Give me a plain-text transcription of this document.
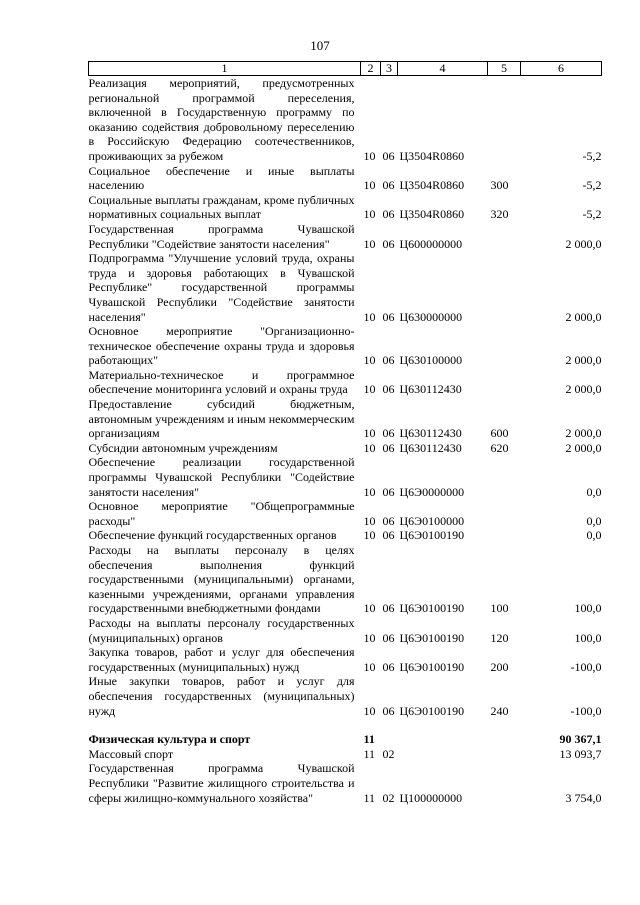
107
1	2	3	4	5	6
Реализация мероприятий, предусмотренных региональной программой переселения, включенной в Государственную программу по оказанию содействия добровольному переселению в Российскую Федерацию соотечественников, проживающих за рубежом	10	06	Ц3504R0860		-5,2
Социальное обеспечение и иные выплаты населению	10	06	Ц3504R0860	300	-5,2
Социальные выплаты гражданам, кроме публичных нормативных социальных выплат	10	06	Ц3504R0860	320	-5,2
Государственная программа Чувашской Республики "Содействие занятости населения"	10	06	Ц600000000		2 000,0
Подпрограмма "Улучшение условий труда, охраны труда и здоровья работающих в Чувашской Республике" государственной программы Чувашской Республики "Содействие занятости населения"	10	06	Ц630000000		2 000,0
Основное мероприятие "Организационно-техническое обеспечение охраны труда и здоровья работающих"	10	06	Ц630100000		2 000,0
Материально-техническое и программное обеспечение мониторинга условий и охраны труда	10	06	Ц630112430		2 000,0
Предоставление субсидий бюджетным, автономным учреждениям и иным некоммерческим организациям	10	06	Ц630112430	600	2 000,0
Субсидии автономным учреждениям	10	06	Ц630112430	620	2 000,0
Обеспечение реализации государственной программы Чувашской Республики "Содействие занятости населения"	10	06	Ц6Э0000000		0,0
Основное мероприятие "Общепрограммные расходы"	10	06	Ц6Э0100000		0,0
Обеспечение функций государственных органов	10	06	Ц6Э0100190		0,0
Расходы на выплаты персоналу в целях обеспечения выполнения функций государственными (муниципальными) органами, казенными учреждениями, органами управления государственными внебюджетными фондами	10	06	Ц6Э0100190	100	100,0
Расходы на выплаты персоналу государственных (муниципальных) органов	10	06	Ц6Э0100190	120	100,0
Закупка товаров, работ и услуг для обеспечения государственных (муниципальных) нужд	10	06	Ц6Э0100190	200	-100,0
Иные закупки товаров, работ и услуг для обеспечения государственных (муниципальных) нужд	10	06	Ц6Э0100190	240	-100,0
Физическая культура и спорт	11				90 367,1
Массовый спорт	11	02			13 093,7
Государственная программа Чувашской Республики "Развитие жилищного строительства и сферы жилищно-коммунального хозяйства"	11	02	Ц100000000		3 754,0
